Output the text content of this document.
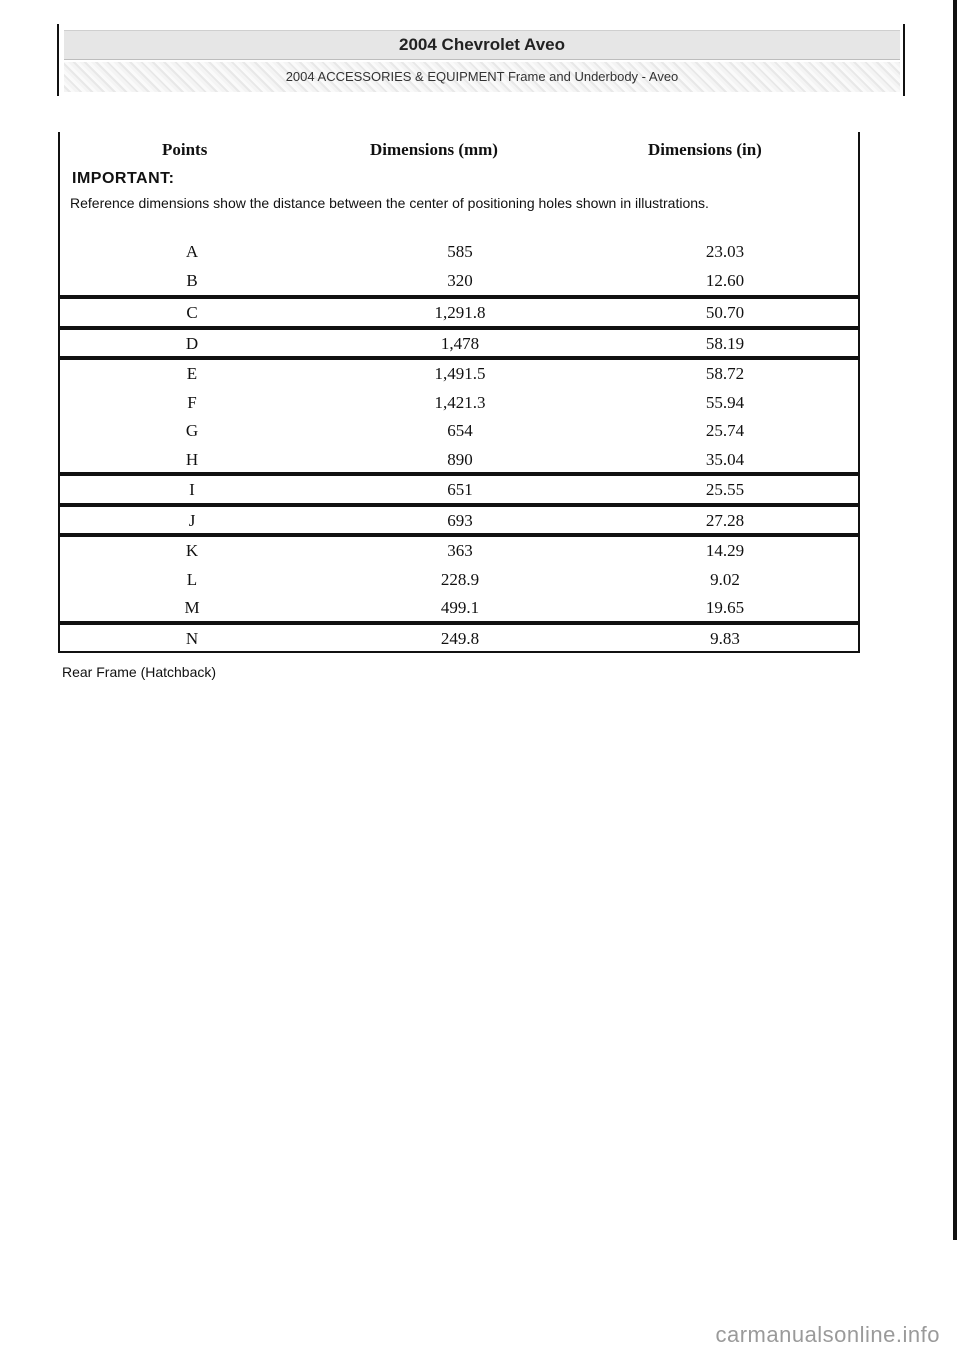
2004 Chevrolet Aveo
2004 ACCESSORIES & EQUIPMENT Frame and Underbody - Aveo
Points	Dimensions (mm)	Dimensions (in)
IMPORTANT:
Reference dimensions show the distance between the center of positioning holes shown in illustrations.
A	585	23.03
B	320	12.60
C	1,291.8	50.70
D	1,478	58.19
E	1,491.5	58.72
F	1,421.3	55.94
G	654	25.74
H	890	35.04
I	651	25.55
J	693	27.28
K	363	14.29
L	228.9	9.02
M	499.1	19.65
N	249.8	9.83
Rear Frame (Hatchback)
carmanualsonline.info
